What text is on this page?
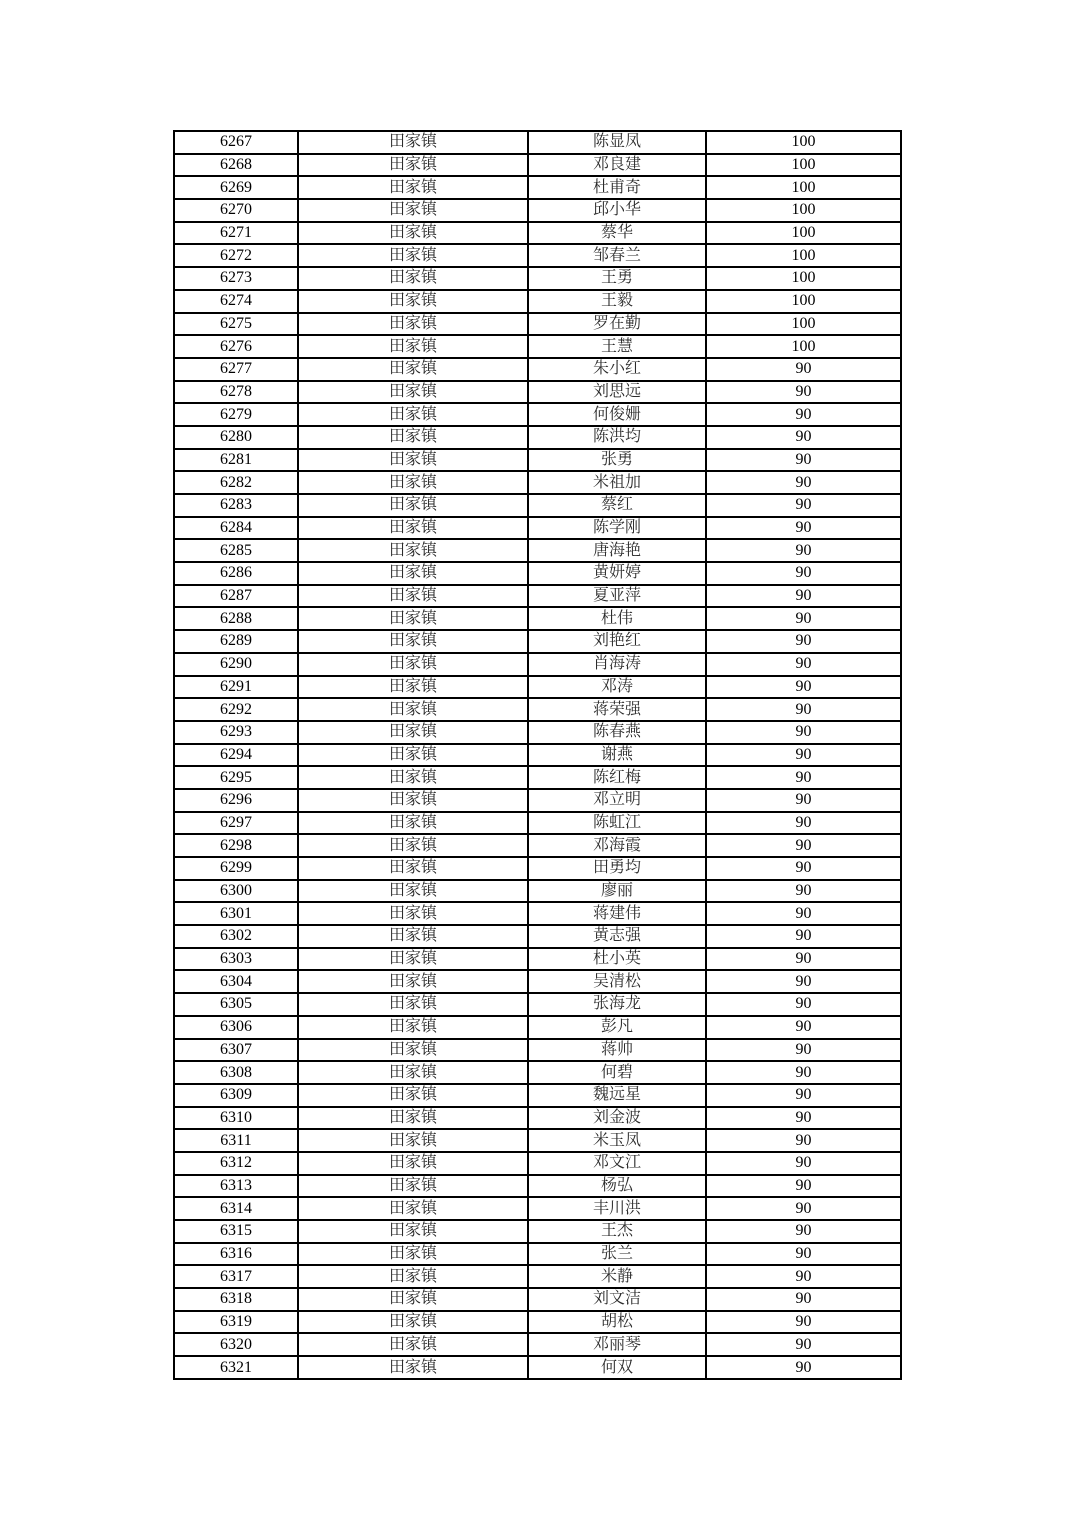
6267	田家镇	陈显凤	100
6268	田家镇	邓良建	100
6269	田家镇	杜甫奇	100
6270	田家镇	邱小华	100
6271	田家镇	蔡华	100
6272	田家镇	邹春兰	100
6273	田家镇	王勇	100
6274	田家镇	王毅	100
6275	田家镇	罗在勤	100
6276	田家镇	王慧	100
6277	田家镇	朱小红	90
6278	田家镇	刘思远	90
6279	田家镇	何俊姗	90
6280	田家镇	陈洪均	90
6281	田家镇	张勇	90
6282	田家镇	米祖加	90
6283	田家镇	蔡红	90
6284	田家镇	陈学刚	90
6285	田家镇	唐海艳	90
6286	田家镇	黄妍婷	90
6287	田家镇	夏亚萍	90
6288	田家镇	杜伟	90
6289	田家镇	刘艳红	90
6290	田家镇	肖海涛	90
6291	田家镇	邓涛	90
6292	田家镇	蒋荣强	90
6293	田家镇	陈春燕	90
6294	田家镇	谢燕	90
6295	田家镇	陈红梅	90
6296	田家镇	邓立明	90
6297	田家镇	陈虹江	90
6298	田家镇	邓海霞	90
6299	田家镇	田勇均	90
6300	田家镇	廖丽	90
6301	田家镇	蒋建伟	90
6302	田家镇	黄志强	90
6303	田家镇	杜小英	90
6304	田家镇	吴清松	90
6305	田家镇	张海龙	90
6306	田家镇	彭凡	90
6307	田家镇	蒋帅	90
6308	田家镇	何碧	90
6309	田家镇	魏远星	90
6310	田家镇	刘金波	90
6311	田家镇	米玉凤	90
6312	田家镇	邓文江	90
6313	田家镇	杨弘	90
6314	田家镇	丰川洪	90
6315	田家镇	王杰	90
6316	田家镇	张兰	90
6317	田家镇	米静	90
6318	田家镇	刘文洁	90
6319	田家镇	胡松	90
6320	田家镇	邓丽琴	90
6321	田家镇	何双	90
